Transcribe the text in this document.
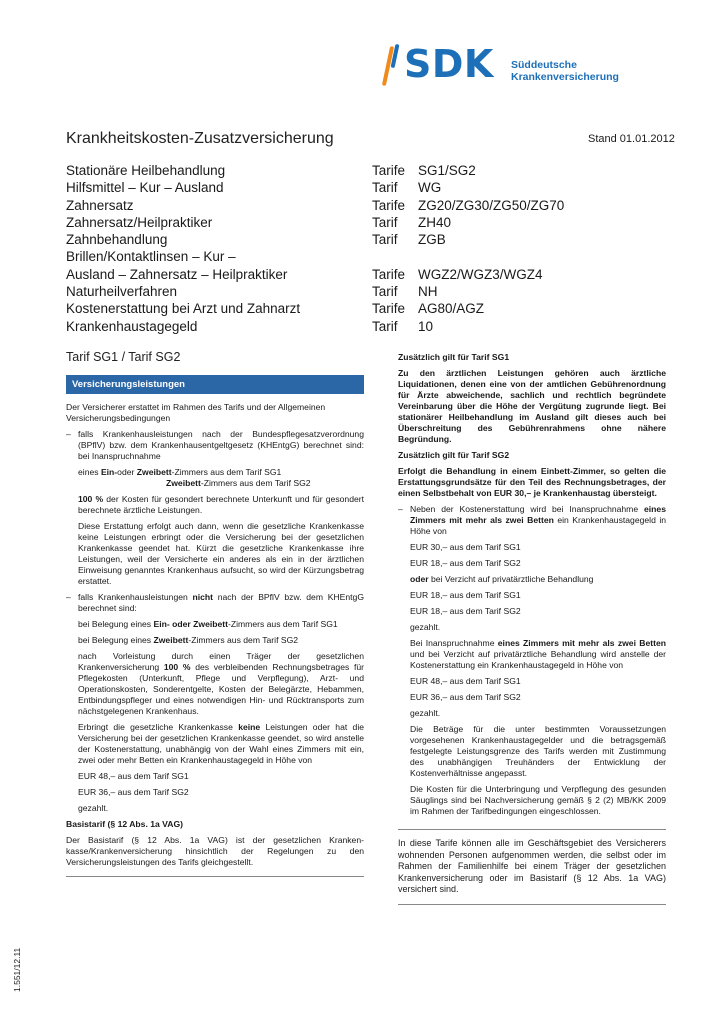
SDK Süddeutsche
Krankenversicherung
Krankheitskosten-Zusatzversicherung	Stand 01.01.2012
Stationäre Heilbehandlung	Tarife SG1/SG2
Hilfsmittel – Kur – Ausland	Tarif WG
Zahnersatz	Tarife ZG20/ZG30/ZG50/ZG70
Zahnersatz/Heilpraktiker	Tarif ZH40
Zahnbehandlung	Tarif ZGB
Brillen/Kontaktlinsen – Kur –
Ausland – Zahnersatz – Heilpraktiker	Tarife WGZ2/WGZ3/WGZ4
Naturheilverfahren	Tarif NH
Kostenerstattung bei Arzt und Zahnarzt	Tarife AG80/AGZ
Krankenhaustagegeld	Tarif 10

Tarif SG1 / Tarif SG2

Versicherungsleistungen

Der Versicherer erstattet im Rahmen des Tarifs und der Allgemeinen Versicherungsbedingungen

– falls Krankenhausleistungen nach der Bundespflegesatzverordnung (BPflV) bzw. dem Krankenhausentgeltgesetz (KHEntgG) berechnet sind: bei Inanspruchnahme

eines Ein-oder Zweibett-Zimmers aus dem Tarif SG1

Zweibett-Zimmers aus dem Tarif SG2

100 % der Kosten für gesondert berechnete Unterkunft und für gesondert berechnete ärztliche Leistungen.

Diese Erstattung erfolgt auch dann, wenn die gesetzliche Krankenkasse keine Leistungen erbringt oder die Versicherung bei der gesetzlichen Krankenkasse geendet hat. Kürzt die gesetzliche Krankenkasse ihre Leistungen, weil der Versicherte ein anderes als ein in der ärztlichen Einweisung genanntes Krankenhaus aufsucht, so wird der Kürzungsbetrag erstattet.

– falls Krankenhausleistungen nicht nach der BPflV bzw. dem KHEntgG berechnet sind:

bei Belegung eines Ein- oder Zweibett-Zimmers aus dem Tarif SG1

bei Belegung eines Zweibett-Zimmers aus dem Tarif SG2

nach Vorleistung durch einen Träger der gesetzlichen Krankenversicherung 100 % des verbleibenden Rechnungsbetrages für Pflegekosten (Unterkunft, Pflege und Verpflegung), Arzt- und Operationskosten, Sonderentgelte, Kosten der Belegärzte, Hebammen, Entbindungspfleger und eines notwendigen Hin- und Rücktransports zum nächstgelegenen Krankenhaus.

Erbringt die gesetzliche Krankenkasse keine Leistungen oder hat die Versicherung bei der gesetzlichen Krankenkasse geendet, so wird anstelle der Kostenerstattung, unabhängig von der Wahl eines Zimmers mit ein, zwei oder mehr Betten ein Krankenhaustagegeld in Höhe von

EUR 48,– aus dem Tarif SG1

EUR 36,– aus dem Tarif SG2

gezahlt.

Basistarif (§ 12 Abs. 1a VAG)

Der Basistarif (§ 12 Abs. 1a VAG) ist der gesetzlichen Krankenkasse/Krankenversicherung hinsichtlich der Regelungen zu den Versicherungsleistungen des Tarifs gleichgestellt.

Zusätzlich gilt für Tarif SG1

Zu den ärztlichen Leistungen gehören auch ärztliche Liquidationen, denen eine von der amtlichen Gebührenordnung für Ärzte abweichende, sachlich und rechtlich begründete Vereinbarung über die Höhe der Vergütung zugrunde liegt. Bei stationärer Heilbehandlung im Ausland gilt dieses auch bei Überschreitung des Gebührenrahmens ohne nähere Begründung.

Zusätzlich gilt für Tarif SG2

Erfolgt die Behandlung in einem Einbett-Zimmer, so gelten die Erstattungsgrundsätze für den Teil des Rechnungsbetrages, der einen Selbstbehalt von EUR 30,– je Krankenhaustag übersteigt.

– Neben der Kostenerstattung wird bei Inanspruchnahme eines Zimmers mit mehr als zwei Betten ein Krankenhaustagegeld in Höhe von

EUR 30,– aus dem Tarif SG1

EUR 18,– aus dem Tarif SG2

oder bei Verzicht auf privatärztliche Behandlung

EUR 18,– aus dem Tarif SG1

EUR 18,– aus dem Tarif SG2

gezahlt.

Bei Inanspruchnahme eines Zimmers mit mehr als zwei Betten und bei Verzicht auf privatärztliche Behandlung wird anstelle der Kostenerstattung ein Krankenhaustagegeld in Höhe von

EUR 48,– aus dem Tarif SG1

EUR 36,– aus dem Tarif SG2

gezahlt.

Die Beträge für die unter bestimmten Voraussetzungen vorgesehenen Krankenhaustagegelder und die betragsgemäß festgelegte Leistungsgrenze des Tarifs werden mit Zustimmung des unabhängigen Treuhänders der Entwicklung der Kostenverhältnisse angepasst.

Die Kosten für die Unterbringung und Verpflegung des gesunden Säuglings sind bei Nachversicherung gemäß § 2 (2) MB/KK 2009 im Rahmen der Tarifbedingungen eingeschlossen.

In diese Tarife können alle im Geschäftsgebiet des Versicherers wohnenden Personen aufgenommen werden, die selbst oder im Rahmen der Familienhilfe bei einem Träger der gesetzlichen Krankenversicherung oder im Basistarif (§ 12 Abs. 1a VAG) versichert sind.

1.551/12.11
